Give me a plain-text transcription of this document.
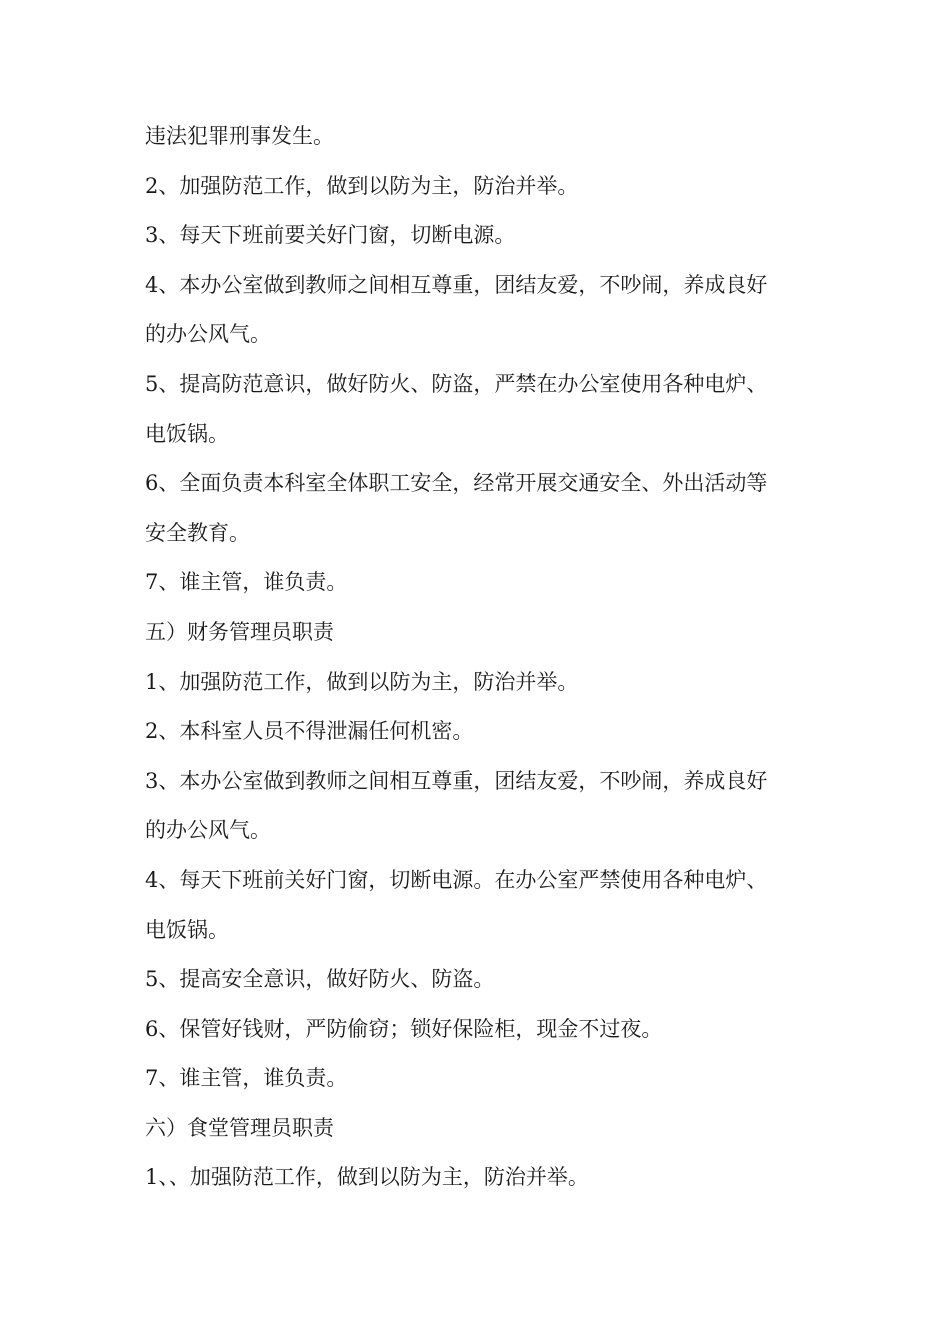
违法犯罪刑事发生。
2、加强防范工作，做到以防为主，防治并举。
3、每天下班前要关好门窗，切断电源。
4、本办公室做到教师之间相互尊重，团结友爱，不吵闹，养成良好
的办公风气。
5、提高防范意识，做好防火、防盗，严禁在办公室使用各种电炉、
电饭锅。
6、全面负责本科室全体职工安全，经常开展交通安全、外出活动等
安全教育。
7、谁主管，谁负责。
五）财务管理员职责
1、加强防范工作，做到以防为主，防治并举。
2、本科室人员不得泄漏任何机密。
3、本办公室做到教师之间相互尊重，团结友爱，不吵闹，养成良好
的办公风气。
4、每天下班前关好门窗，切断电源。在办公室严禁使用各种电炉、
电饭锅。
5、提高安全意识，做好防火、防盗。
6、保管好钱财，严防偷窃；锁好保险柜，现金不过夜。
7、谁主管，谁负责。
六）食堂管理员职责
1、、加强防范工作，做到以防为主，防治并举。
